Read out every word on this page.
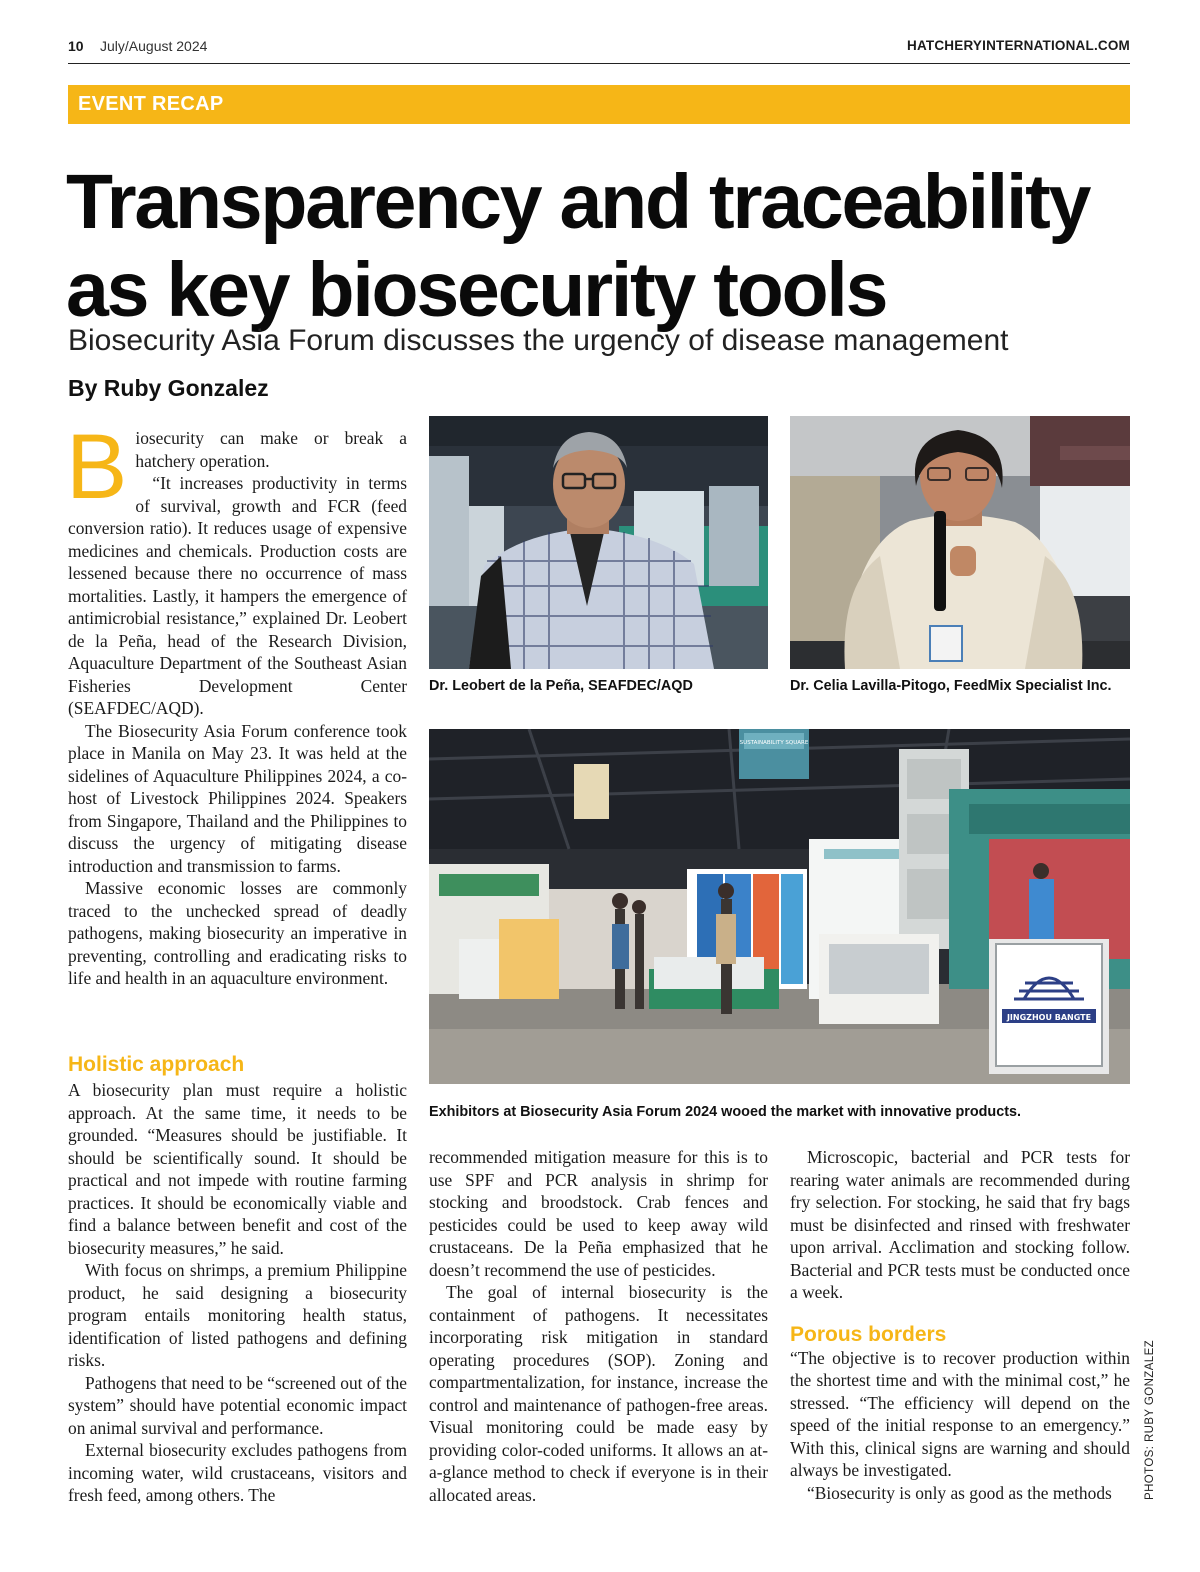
10 July/August 2024	HATCHERYINTERNATIONAL.COM
EVENT RECAP
Transparency and traceability
as key biosecurity tools
Biosecurity Asia Forum discusses the urgency of disease management
By Ruby Gonzalez

Biosecurity can make or break a hatchery operation.

“It increases productivity in terms of survival, growth and FCR (feed conversion ratio). It reduces usage of expensive medicines and chemicals. Production costs are lessened because there no occurrence of mass mortalities. Lastly, it hampers the emergence of antimicrobial resistance,” explained Dr. Leobert de la Peña, head of the Research Division, Aquaculture Department of the Southeast Asian Fisheries Development Center (SEAFDEC/AQD).

The Biosecurity Asia Forum conference took place in Manila on May 23. It was held at the sidelines of Aquaculture Philippines 2024, a co-host of Livestock Philippines 2024. Speakers from Singapore, Thailand and the Philippines to discuss the urgency of mitigating disease introduction and transmission to farms.

Massive economic losses are commonly traced to the unchecked spread of deadly pathogens, making biosecurity an imperative in preventing, controlling and eradicating risks to life and health in an aquaculture environment.

Holistic approach

A biosecurity plan must require a holistic approach. At the same time, it needs to be grounded. “Measures should be justifiable. It should be scientifically sound. It should be practical and not impede with routine farming practices. It should be economically viable and find a balance between benefit and cost of the biosecurity measures,” he said.

With focus on shrimps, a premium Philippine product, he said designing a biosecurity program entails monitoring health status, identification of listed pathogens and defining risks.

Pathogens that need to be “screened out of the system” should have potential economic impact on animal survival and performance.

External biosecurity excludes pathogens from incoming water, wild crustaceans, visitors and fresh feed, among others. The

recommended mitigation measure for this is to use SPF and PCR analysis in shrimp for stocking and broodstock. Crab fences and pesticides could be used to keep away wild crustaceans. De la Peña emphasized that he doesn’t recommend the use of pesticides.

The goal of internal biosecurity is the containment of pathogens. It necessitates incorporating risk mitigation in standard operating procedures (SOP). Zoning and compartmentalization, for instance, increase the control and maintenance of pathogen-free areas. Visual monitoring could be made easy by providing color-coded uniforms. It allows an at-a-glance method to check if everyone is in their allocated areas.

Microscopic, bacterial and PCR tests for rearing water animals are recommended during fry selection. For stocking, he said that fry bags must be disinfected and rinsed with freshwater upon arrival. Acclimation and stocking follow. Bacterial and PCR tests must be conducted once a week.

Porous borders

“The objective is to recover production within the shortest time and with the minimal cost,” he stressed. “The efficiency will depend on the speed of the initial response to an emergency.” With this, clinical signs are warning and should always be investigated.

“Biosecurity is only as good as the methods

SUSTAINABILITY SQUARE
JINGZHOU BANGTE
Dr. Leobert de la Peña, SEAFDEC/AQD	Dr. Celia Lavilla-Pitogo, FeedMix Specialist Inc.
Exhibitors at Biosecurity Asia Forum 2024 wooed the market with innovative products.
PHOTOS: RUBY GONZALEZ
